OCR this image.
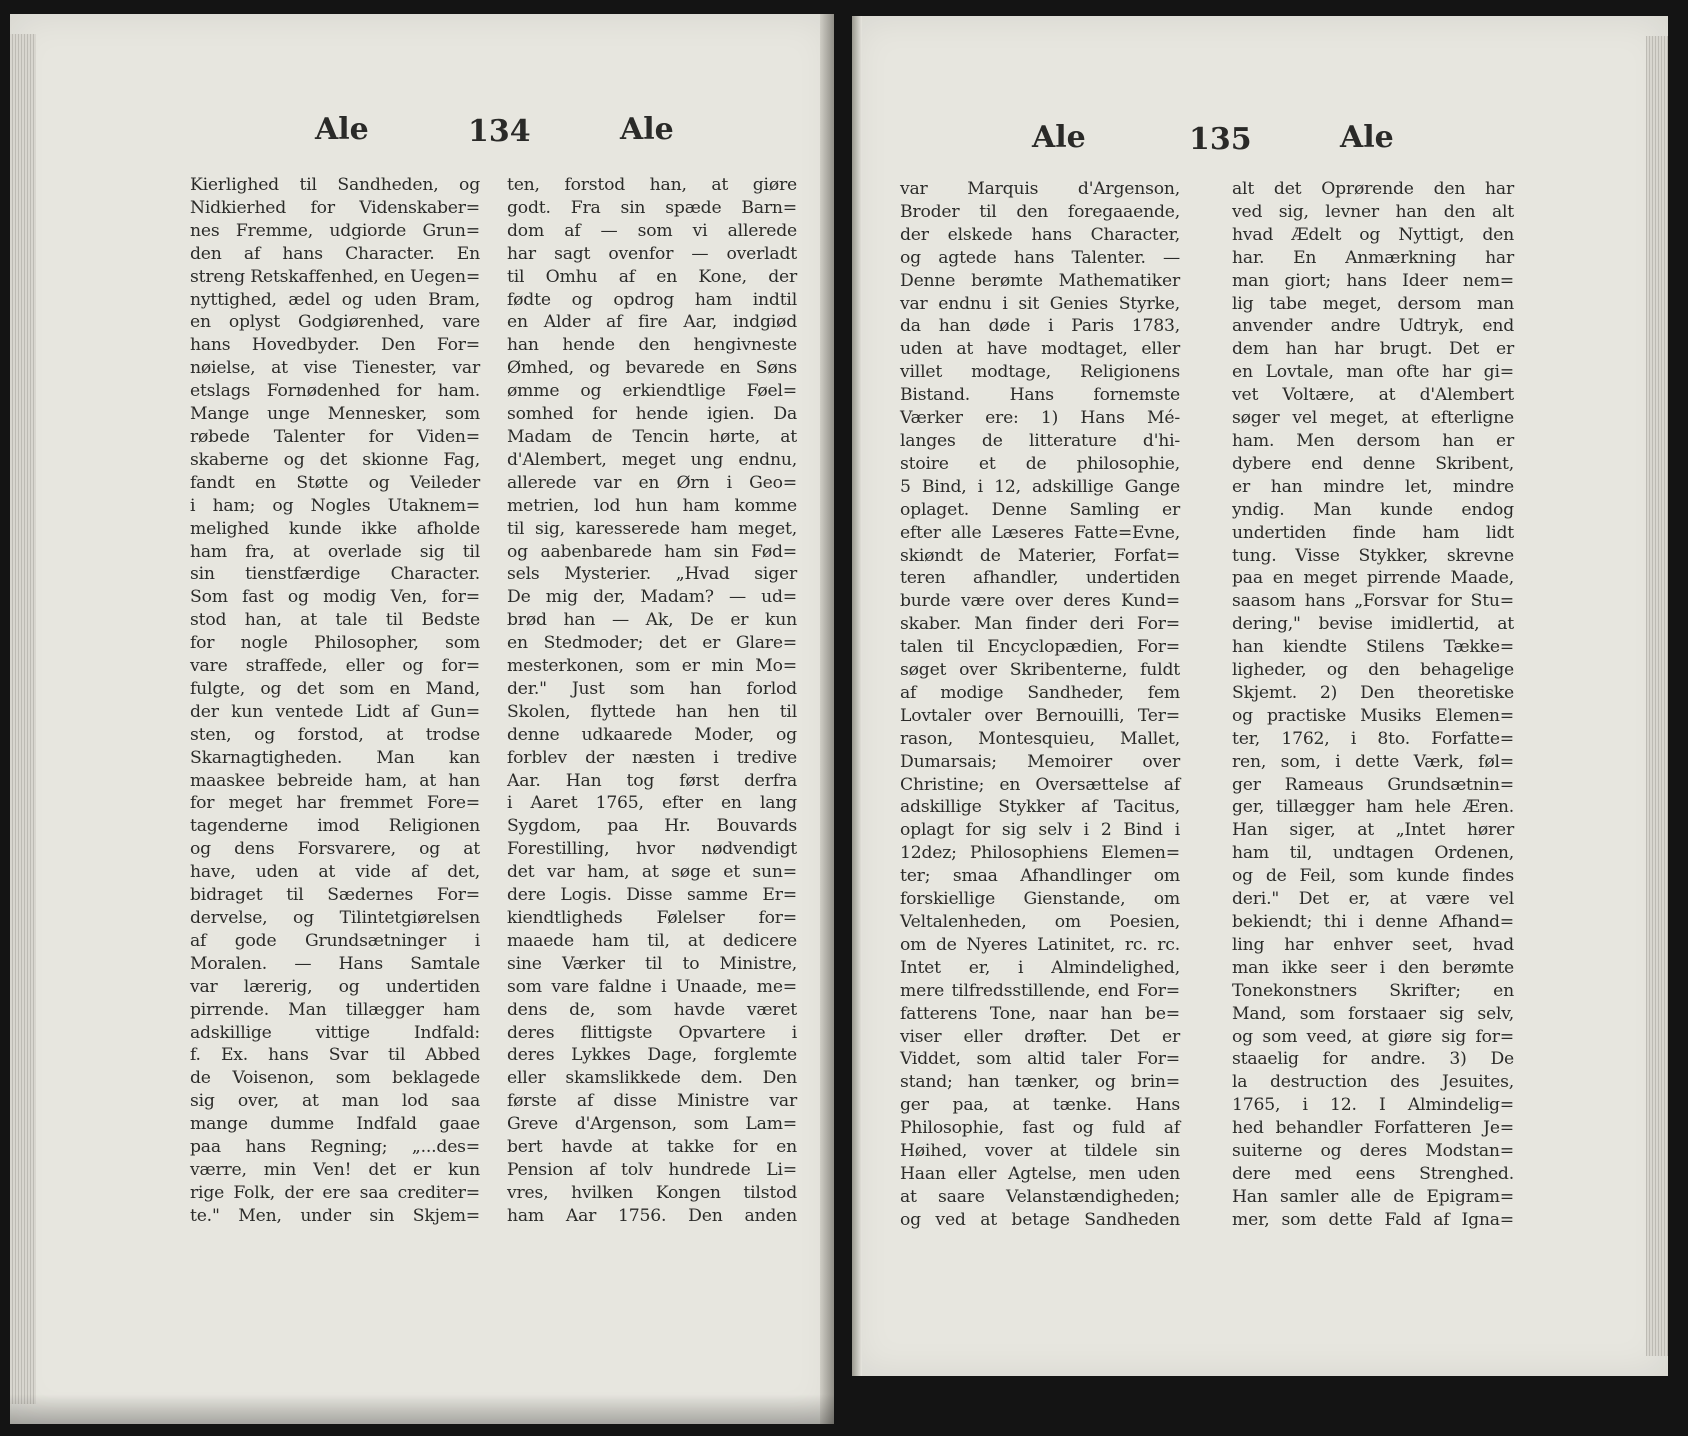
Ale	134	Ale
Kierlighed til Sandheden, og
Nidkierhed for Videnskaber=
nes Fremme, udgiorde Grun=
den af hans Character. En
streng Retskaffenhed, en Uegen=
nyttighed, ædel og uden Bram,
en oplyst Godgiørenhed, vare
hans Hovedbyder. Den For=
nøielse, at vise Tienester, var
etslags Fornødenhed for ham.
Mange unge Mennesker, som
røbede Talenter for Viden=
skaberne og det skionne Fag,
fandt en Støtte og Veileder
i ham; og Nogles Utaknem=
melighed kunde ikke afholde
ham fra, at overlade sig til
sin tienstfærdige Character.
Som fast og modig Ven, for=
stod han, at tale til Bedste
for nogle Philosopher, som
vare straffede, eller og for=
fulgte, og det som en Mand,
der kun ventede Lidt af Gun=
sten, og forstod, at trodse
Skarnagtigheden. Man kan
maaskee bebreide ham, at han
for meget har fremmet Fore=
tagenderne imod Religionen
og dens Forsvarere, og at
have, uden at vide af det,
bidraget til Sædernes For=
dervelse, og Tilintetgiørelsen
af gode Grundsætninger i
Moralen. — Hans Samtale
var lærerig, og undertiden
pirrende. Man tillægger ham
adskillige vittige Indfald:
f. Ex. hans Svar til Abbed
de Voisenon, som beklagede
sig over, at man lod saa
mange dumme Indfald gaae
paa hans Regning; „...des=
værre, min Ven! det er kun
rige Folk, der ere saa crediter=
te." Men, under sin Skjem=
ten, forstod han, at giøre
godt. Fra sin spæde Barn=
dom af — som vi allerede
har sagt ovenfor — overladt
til Omhu af en Kone, der
fødte og opdrog ham indtil
en Alder af fire Aar, indgiød
han hende den hengivneste
Ømhed, og bevarede en Søns
ømme og erkiendtlige Føel=
somhed for hende igien. Da
Madam de Tencin hørte, at
d'Alembert, meget ung endnu,
allerede var en Ørn i Geo=
metrien, lod hun ham komme
til sig, karesserede ham meget,
og aabenbarede ham sin Fød=
sels Mysterier. „Hvad siger
De mig der, Madam? — ud=
brød han — Ak, De er kun
en Stedmoder; det er Glare=
mesterkonen, som er min Mo=
der." Just som han forlod
Skolen, flyttede han hen til
denne udkaarede Moder, og
forblev der næsten i tredive
Aar. Han tog først derfra
i Aaret 1765, efter en lang
Sygdom, paa Hr. Bouvards
Forestilling, hvor nødvendigt
det var ham, at søge et sun=
dere Logis. Disse samme Er=
kiendtligheds Følelser for=
maaede ham til, at dedicere
sine Værker til to Ministre,
som vare faldne i Unaade, me=
dens de, som havde været
deres flittigste Opvartere i
deres Lykkes Dage, forglemte
eller skamslikkede dem. Den
første af disse Ministre var
Greve d'Argenson, som Lam=
bert havde at takke for en
Pension af tolv hundrede Li=
vres, hvilken Kongen tilstod
ham Aar 1756. Den anden
Ale	135	Ale
var Marquis d'Argenson,
Broder til den foregaaende,
der elskede hans Character,
og agtede hans Talenter. —
Denne berømte Mathematiker
var endnu i sit Genies Styrke,
da han døde i Paris 1783,
uden at have modtaget, eller
villet modtage, Religionens
Bistand. Hans fornemste
Værker ere: 1) Hans Mé-
langes de litterature d'hi-
stoire et de philosophie,
5 Bind, i 12, adskillige Gange
oplaget. Denne Samling er
efter alle Læseres Fatte=Evne,
skiøndt de Materier, Forfat=
teren afhandler, undertiden
burde være over deres Kund=
skaber. Man finder deri For=
talen til Encyclopædien, For=
søget over Skribenterne, fuldt
af modige Sandheder, fem
Lovtaler over Bernouilli, Ter=
rason, Montesquieu, Mallet,
Dumarsais; Memoirer over
Christine; en Oversættelse af
adskillige Stykker af Tacitus,
oplagt for sig selv i 2 Bind i
12dez; Philosophiens Elemen=
ter; smaa Afhandlinger om
forskiellige Gienstande, om
Veltalenheden, om Poesien,
om de Nyeres Latinitet, rc. rc.
Intet er, i Almindelighed,
mere tilfredsstillende, end For=
fatterens Tone, naar han be=
viser eller drøfter. Det er
Viddet, som altid taler For=
stand; han tænker, og brin=
ger paa, at tænke. Hans
Philosophie, fast og fuld af
Høihed, vover at tildele sin
Haan eller Agtelse, men uden
at saare Velanstændigheden;
og ved at betage Sandheden
alt det Oprørende den har
ved sig, levner han den alt
hvad Ædelt og Nyttigt, den
har. En Anmærkning har
man giort; hans Ideer nem=
lig tabe meget, dersom man
anvender andre Udtryk, end
dem han har brugt. Det er
en Lovtale, man ofte har gi=
vet Voltære, at d'Alembert
søger vel meget, at efterligne
ham. Men dersom han er
dybere end denne Skribent,
er han mindre let, mindre
yndig. Man kunde endog
undertiden finde ham lidt
tung. Visse Stykker, skrevne
paa en meget pirrende Maade,
saasom hans „Forsvar for Stu=
dering," bevise imidlertid, at
han kiendte Stilens Tække=
ligheder, og den behagelige
Skjemt. 2) Den theoretiske
og practiske Musiks Elemen=
ter, 1762, i 8to. Forfatte=
ren, som, i dette Værk, føl=
ger Rameaus Grundsætnin=
ger, tillægger ham hele Æren.
Han siger, at „Intet hører
ham til, undtagen Ordenen,
og de Feil, som kunde findes
deri." Det er, at være vel
bekiendt; thi i denne Afhand=
ling har enhver seet, hvad
man ikke seer i den berømte
Tonekonstners Skrifter; en
Mand, som forstaaer sig selv,
og som veed, at giøre sig for=
staaelig for andre. 3) De
la destruction des Jesuites,
1765, i 12. I Almindelig=
hed behandler Forfatteren Je=
suiterne og deres Modstan=
dere med eens Strenghed.
Han samler alle de Epigram=
mer, som dette Fald af Igna=
